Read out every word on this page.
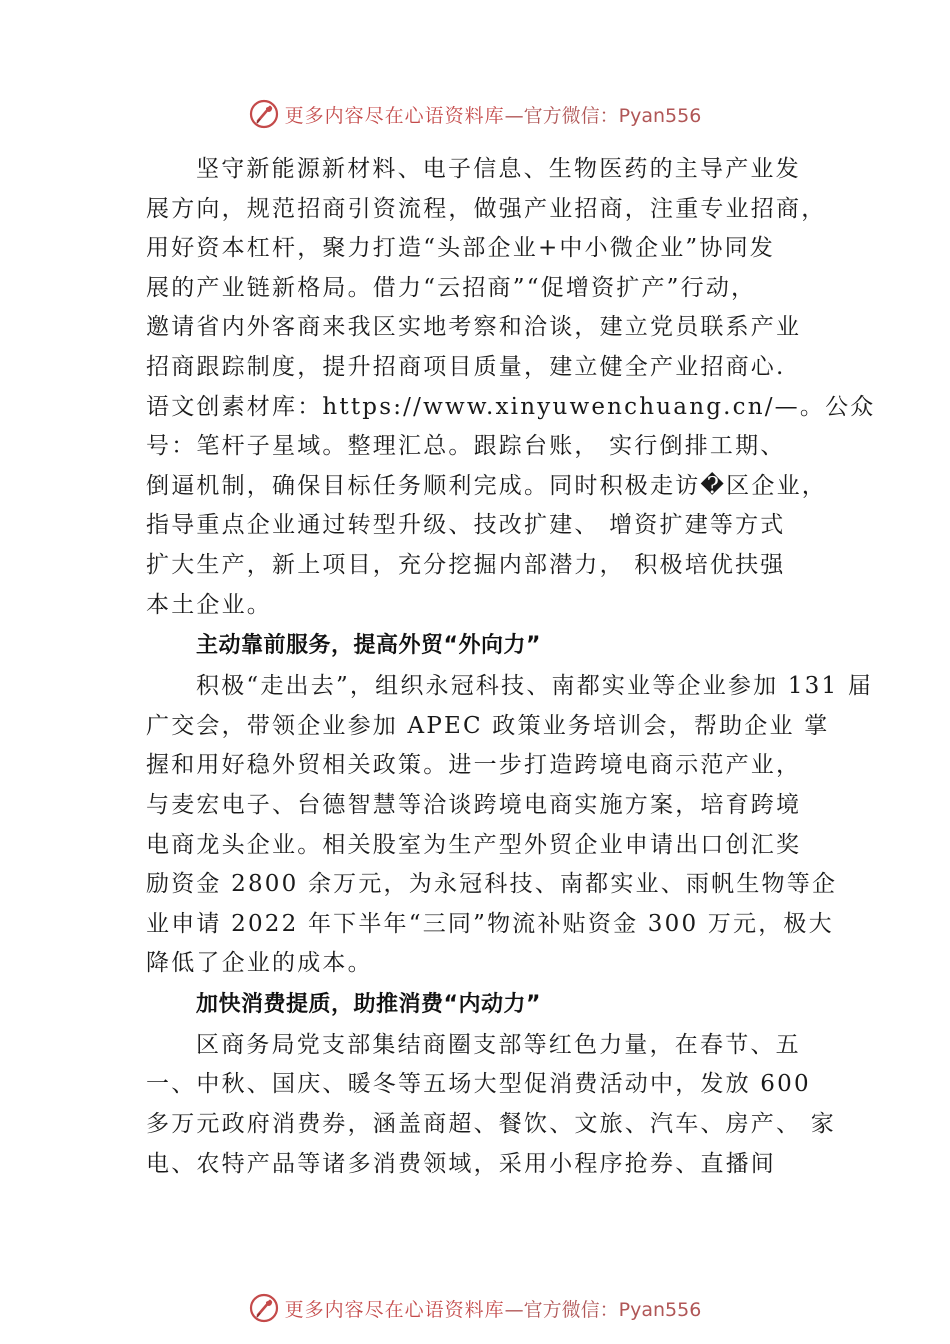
更多内容尽在心语资料库 —官方微信：Pyan556
坚守新能源新材料、电子信息、生物医药的主导产业发
展方向，规范招商引资流程，做强产业招商，注重专业招商，
用好资本杠杆，聚力打造“头部企业+中小微企业”协同发
展的产业链新格局。借力“云招商”“促增资扩产”行动，
邀请省内外客商来我区实地考察和洽谈，建立党员联系产业
招商跟踪制度，提升招商项目质量，建立健全产业招商心.
语文创素材库：https://www.xinyuwenchuang.cn/—。公众
号：笔杆子星域。整理汇总。跟踪台账， 实行倒排工期、
倒逼机制，确保目标任务顺利完成。同时积极走访�区企业，
指导重点企业通过转型升级、技改扩建、 增资扩建等方式
扩大生产，新上项目，充分挖掘内部潜力， 积极培优扶强
本土企业。
主动靠前服务，提高外贸“外向力”
积极“走出去”，组织永冠科技、南都实业等企业参加 131 届
广交会，带领企业参加 APEC 政策业务培训会，帮助企业 掌
握和用好稳外贸相关政策。进一步打造跨境电商示范产业，
与麦宏电子、台德智慧等洽谈跨境电商实施方案，培育跨境
电商龙头企业。相关股室为生产型外贸企业申请出口创汇奖
励资金 2800 余万元，为永冠科技、南都实业、雨帆生物等企
业申请 2022 年下半年“三同”物流补贴资金 300 万元，极大
降低了企业的成本。
加快消费提质，助推消费“内动力”
区商务局党支部集结商圈支部等红色力量，在春节、五
一、中秋、国庆、暖冬等五场大型促消费活动中，发放 600
多万元政府消费券，涵盖商超、餐饮、文旅、汽车、房产、 家
电、农特产品等诸多消费领域，采用小程序抢券、直播间
更多内容尽在心语资料库 —官方微信：Pyan556
